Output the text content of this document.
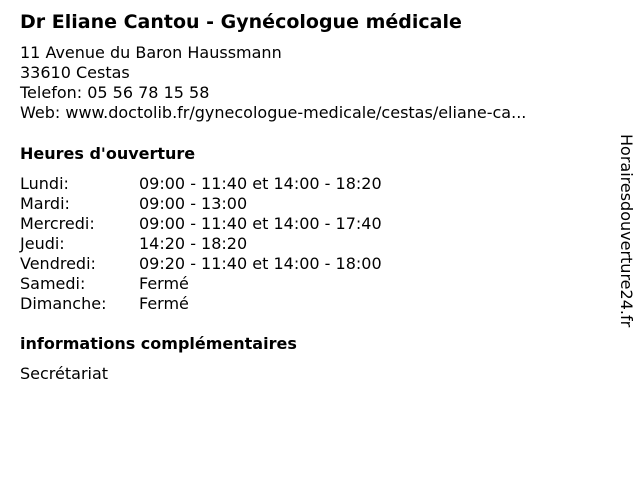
Dr Eliane Cantou - Gynécologue médicale
11 Avenue du Baron Haussmann
33610 Cestas
Telefon: 05 56 78 15 58
Web: www.doctolib.fr/gynecologue-medicale/cestas/eliane-ca...
Heures d'ouverture
Lundi:	09:00 - 11:40 et 14:00 - 18:20
Mardi:	09:00 - 13:00
Mercredi:	09:00 - 11:40 et 14:00 - 17:40
Jeudi:	14:20 - 18:20
Vendredi:	09:20 - 11:40 et 14:00 - 18:00
Samedi:	Fermé
Dimanche: Fermé
informations complémentaires
Secrétariat
Horairesdouverture24.fr
